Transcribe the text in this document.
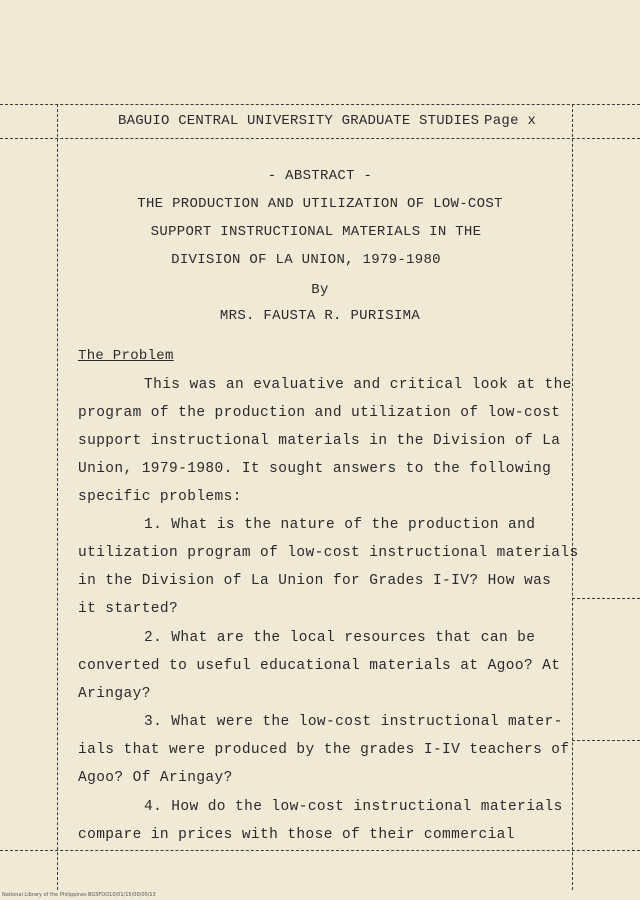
BAGUIO CENTRAL UNIVERSITY GRADUATE STUDIES Page x
- ABSTRACT -
THE PRODUCTION AND UTILIZATION OF LOW-COST
SUPPORT INSTRUCTIONAL MATERIALS IN THE
DIVISION OF LA UNION, 1979-1980
By
MRS. FAUSTA R. PURISIMA
The Problem
This was an evaluative and critical look at the
program of the production and utilization of low-cost
support instructional materials in the Division of La
Union, 1979-1980. It sought answers to the following
specific problems:
1. What is the nature of the production and
utilization program of low-cost instructional materials
in the Division of La Union for Grades I-IV? How was
it started?
2. What are the local resources that can be
converted to useful educational materials at Agoo? At
Aringay?
3. What were the low-cost instructional mater-
ials that were produced by the grades I-IV teachers of
Agoo? Of Aringay?
4. How do the low-cost instructional materials
compare in prices with those of their commercial
National Library of the Philippines BGSFOO10/01/15/00/00/13
